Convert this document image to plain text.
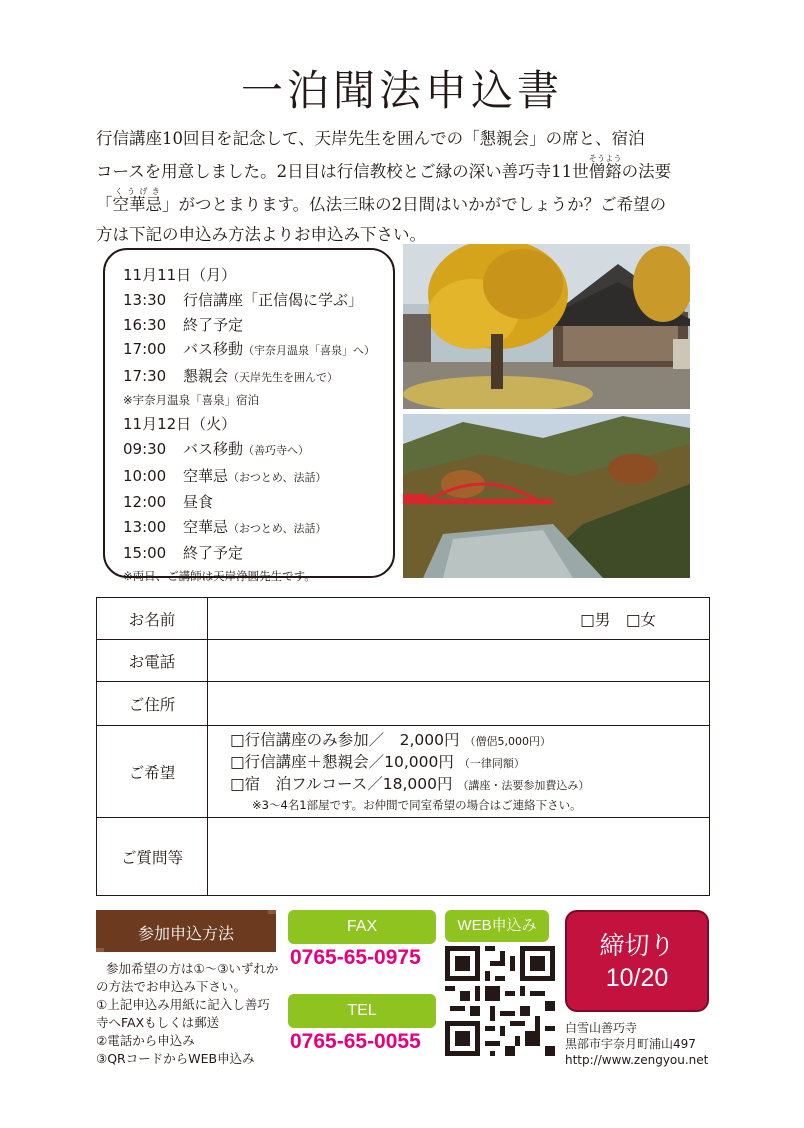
一泊聞法申込書
行信講座10回目を記念して、天岸先生を囲んでの「懇親会」の席と、宿泊
コースを用意しました。2日目は行信教校とご縁の深い善巧寺11世僧鎔そうようの法要
「空華忌くうげき」がつとまります。仏法三昧の2日間はいかがでしょうか？ご希望の
方は下記の申込み方法よりお申込み下さい。
11月11日（月）
13:30 行信講座「正信偈に学ぶ」
16:30 終了予定
17:00 バス移動（宇奈月温泉「喜泉」へ）
17:30 懇親会（天岸先生を囲んで）
※宇奈月温泉「喜泉」宿泊
11月12日（火）
09:30 バス移動（善巧寺へ）
10:00 空華忌（おつとめ、法話）
12:00 昼食
13:00 空華忌（おつとめ、法話）
15:00 終了予定
※両日、ご講師は天岸浄圓先生です。
お名前	□男　 □女

お電話	
ご住所	
ご希望	□行信講座のみ参加／　2,000円 （僧侶5,000円）
□行信講座＋懇親会／10,000円 （一律同額）
□宿　泊フルコース／18,000円 （講座・法要参加費込み）
※3～4名1部屋です。お仲間で同室希望の場合はご連絡下さい。

ご質問等	
参加申込方法
参加希望の方は①～③いずれかの方法でお申込み下さい。
①上記申込み用紙に記入し善巧寺へFAXもしくは郵送
②電話から申込み
③QRコードからWEB申込み
FAX
0765-65-0975
TEL
0765-65-0055
WEB申込み
締切り
10/20
白雪山善巧寺
黒部市宇奈月町浦山497
http://www.zengyou.net
